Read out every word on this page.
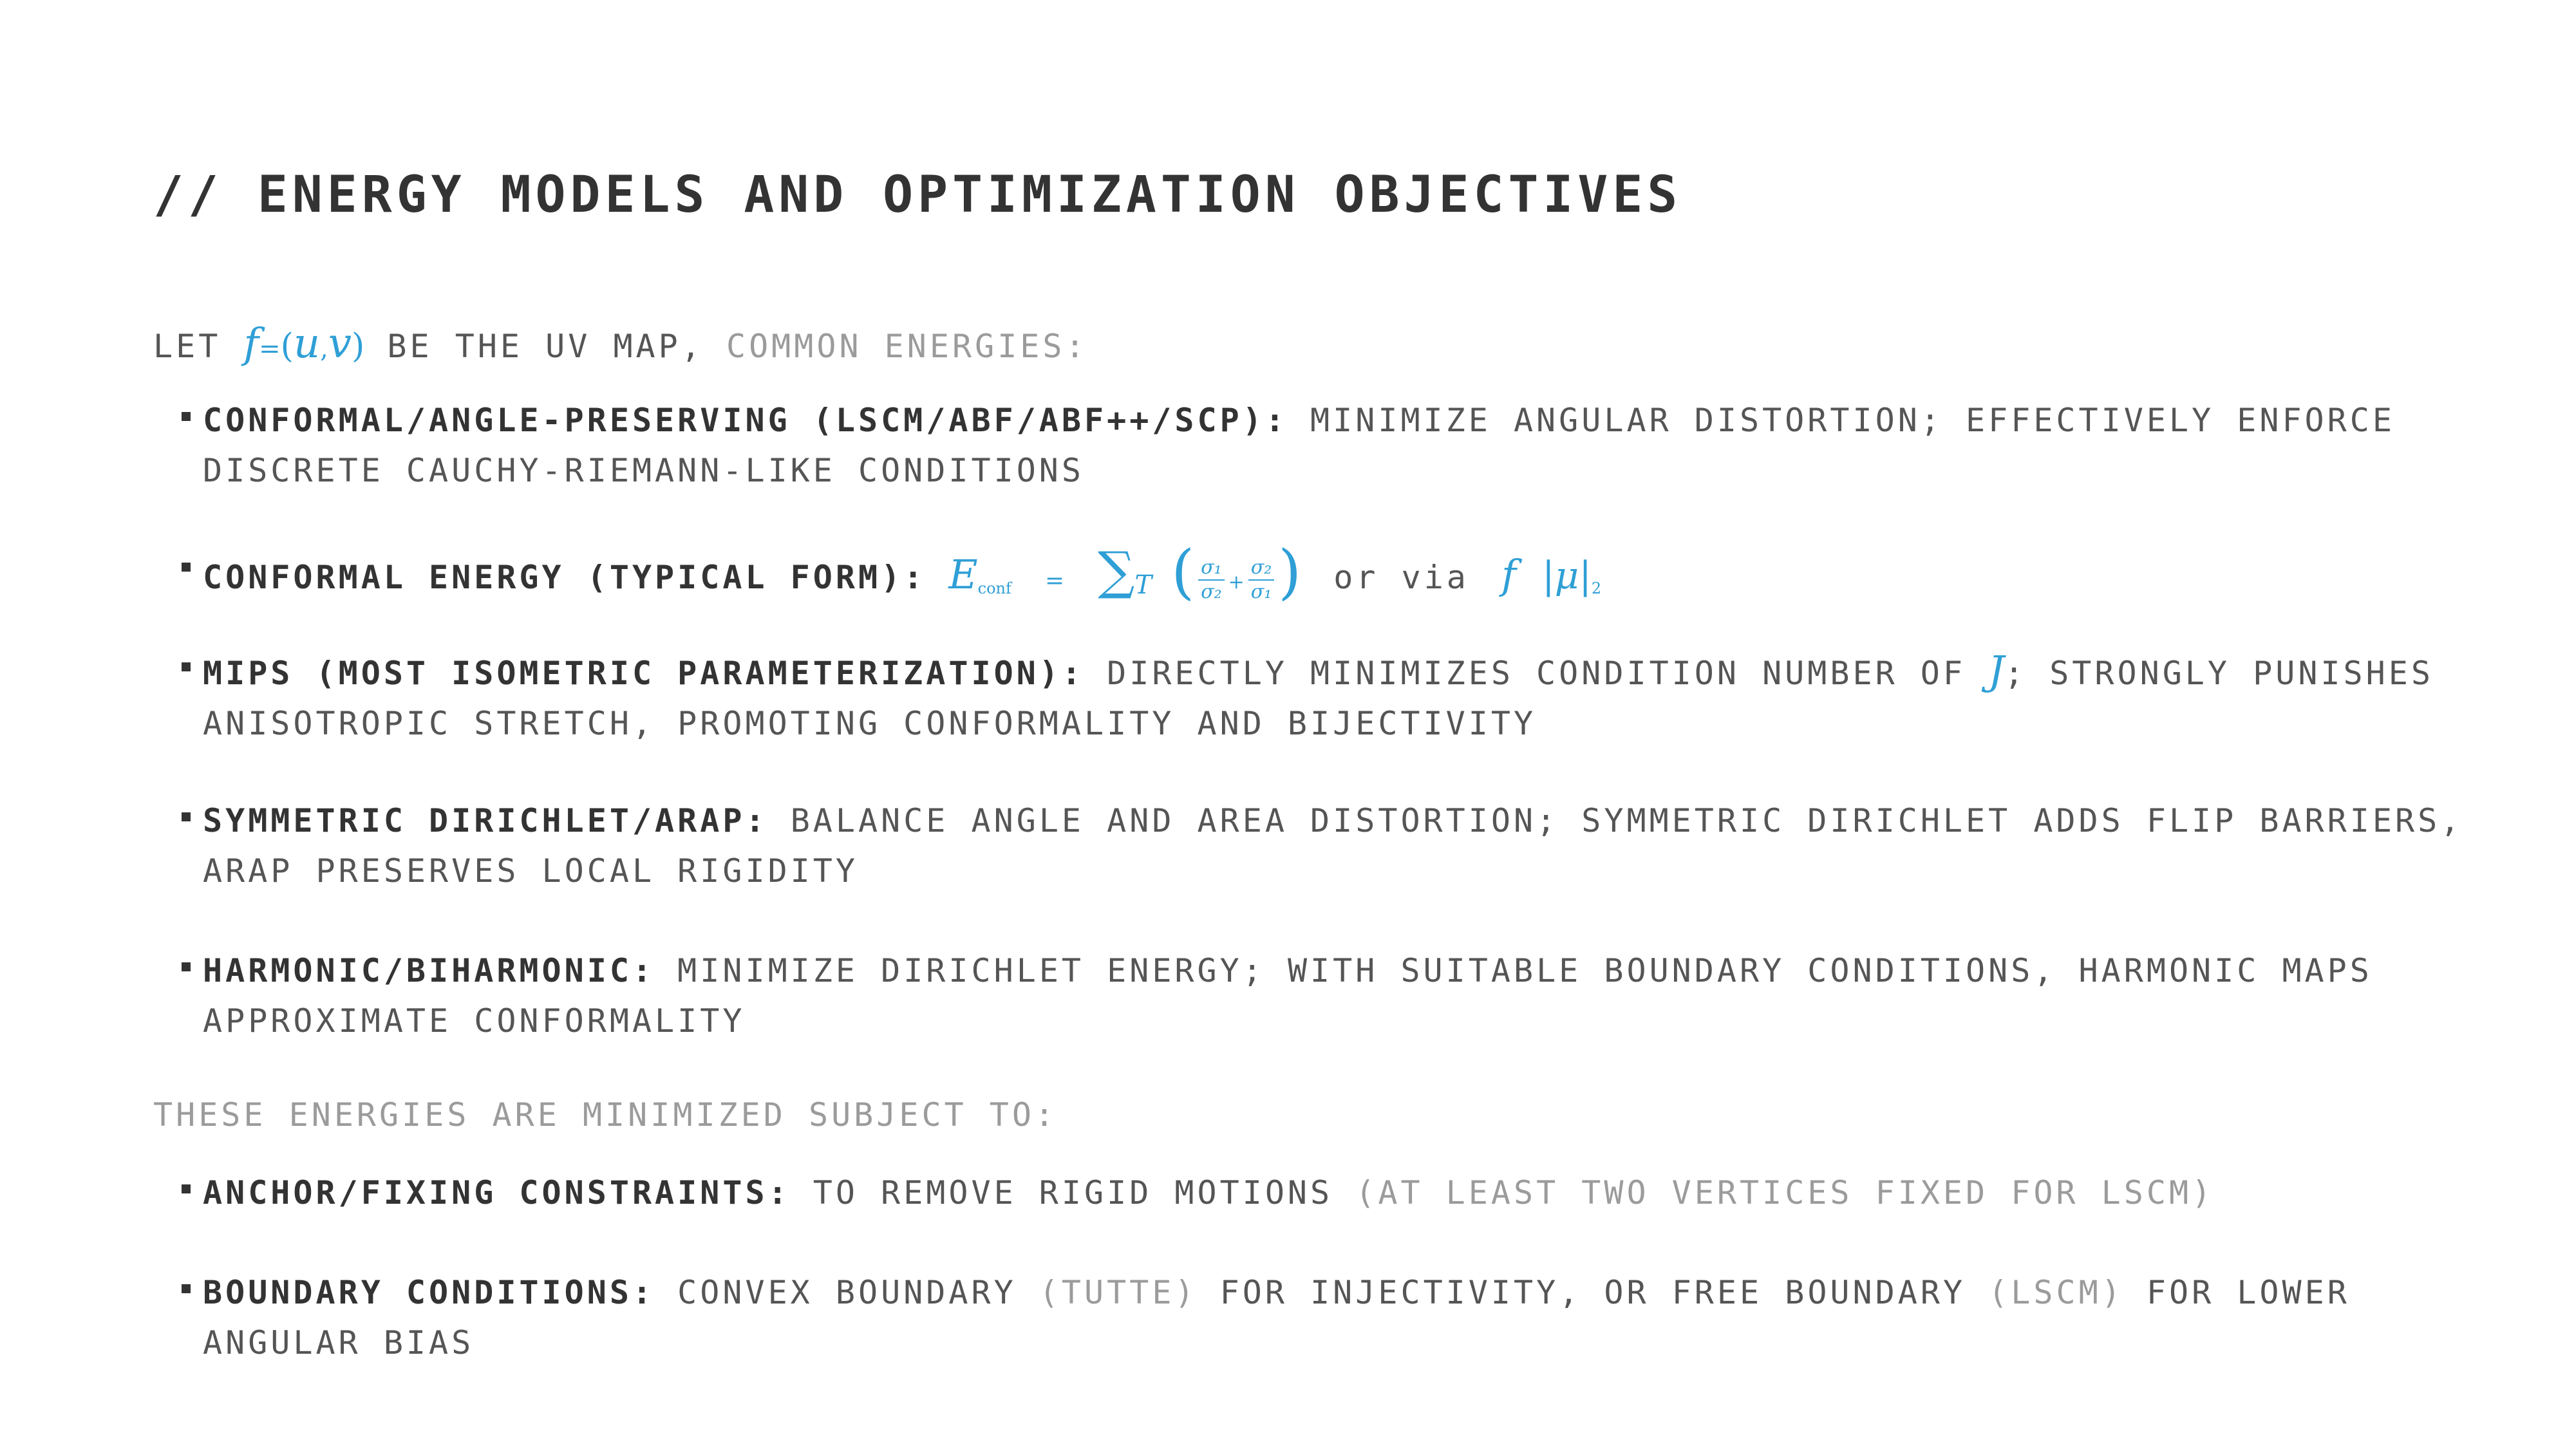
// ENERGY MODELS AND OPTIMIZATION OBJECTIVES
LET f=(u,v) BE THE UV MAP, COMMON ENERGIES:
CONFORMAL/ANGLE-PRESERVING (LSCM/ABF/ABF++/SCP): MINIMIZE ANGULAR DISTORTION; EFFECTIVELY ENFORCE DISCRETE CAUCHY-RIEMANN-LIKE CONDITIONS
CONFORMAL ENERGY (TYPICAL FORM): $E_{conf} = \sum_T$ ( $\frac{\text{σ₁}}{\text{σ₂}} + \frac{\text{σ₂}}{\text{σ₁}}$ ) or via f $|\mu|_2$
MIPS (MOST ISOMETRIC PARAMETERIZATION): DIRECTLY MINIMIZES CONDITION NUMBER OF J; STRONGLY PUNISHES ANISOTROPIC STRETCH, PROMOTING CONFORMALITY AND BIJECTIVITY
SYMMETRIC DIRICHLET/ARAP: BALANCE ANGLE AND AREA DISTORTION; SYMMETRIC DIRICHLET ADDS FLIP BARRIERS, ARAP PRESERVES LOCAL RIGIDITY
HARMONIC/BIHARMONIC: MINIMIZE DIRICHLET ENERGY; WITH SUITABLE BOUNDARY CONDITIONS, HARMONIC MAPS APPROXIMATE CONFORMALITY
THESE ENERGIES ARE MINIMIZED SUBJECT TO:
ANCHOR/FIXING CONSTRAINTS: TO REMOVE RIGID MOTIONS (AT LEAST TWO VERTICES FIXED FOR LSCM)
BOUNDARY CONDITIONS: CONVEX BOUNDARY (TUTTE) FOR INJECTIVITY, OR FREE BOUNDARY (LSCM) FOR LOWER ANGULAR BIAS
